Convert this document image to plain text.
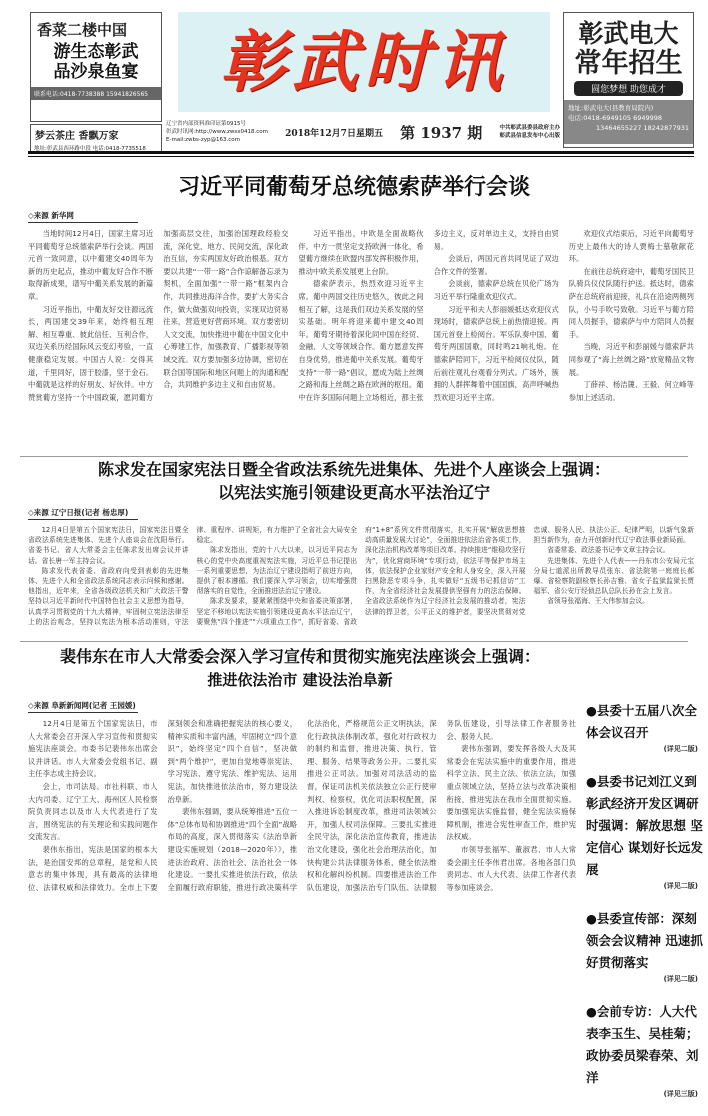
香菜二楼中国
游生态彰武
品沙泉鱼宴
联系电话:0418-7738388 15941826565
梦云茶庄 香飘万家
地址:彰武县西环路中段 电话:0418-7735518
彰武时讯
辽宁省内部资料准印证第0915号
彰武时讯网:http://www.zwsx0418.com
E-mail:zwbs-zyp@163.com
2018年12月7日星期五 第 1937 期	中共彰武县委县政府主办
彰武县信息发布中心出版
彰武电大
常年招生
圆您梦想 助您成才
地址:彰武电大(县教育局院内)
电话:0418-6949105 6949998
13464655227 18242877931
习近平同葡萄牙总统德索萨举行会谈
◇来源 新华网

当地时间12月4日，国家主席习近平同葡萄牙总统德索萨举行会谈。两国元首一致同意，以中葡建交40周年为新的历史起点，推动中葡友好合作不断取得新成果，谱写中葡关系发展的新篇章。

习近平指出，中葡友好交往源远流长，两国建交39年来，始终相互理解、相互尊重、彼此信任、互利合作，双边关系历经国际风云变幻考验，一直健康稳定发展。中国古人说：交得其道，千里同好，固于胶漆，坚于金石。中葡就是这样的好朋友、好伙伴。中方赞赏葡方坚持一个中国政策，愿同葡方加强高层交往，加强治国理政经验交流，深化党、地方、民间交流，深化政治互信，夯实两国友好政治根基。双方要以共建“一带一路”合作谅解备忘录为契机，全面加强“一带一路”框架内合作，共同推进海洋合作，要扩大务实合作，做大做强双向投资，实现双边贸易往来，营造更好营商环境。双方要密切人文交流，加快推进中葡在中国文化中心筹建工作，加强教育、广播影视等领域交流。双方要加强多边协调，密切在联合国等国际和地区问题上的沟通和配合，共同维护多边主义和自由贸易。

习近平指出，中欧是全面战略伙伴。中方一贯坚定支持欧洲一体化，希望葡方继续在欧盟内部发挥积极作用，推动中欧关系发展更上台阶。

德索萨表示，热烈欢迎习近平主席。葡中两国交往历史悠久，彼此之间相互了解，这是我们双边关系发展的坚实基础。明年将迎来葡中建交40周年。葡萄牙期待着深化同中国在经贸、金融、人文等领域合作。葡方愿意发挥自身优势，推进葡中关系发展。葡萄牙支持“一带一路”倡议，愿成为陆上丝绸之路和海上丝绸之路在欧洲的枢纽。葡中在许多国际问题上立场相近，都主张多边主义，反对单边主义，支持自由贸易。

会谈后，两国元首共同见证了双边合作文件的签署。

会谈前，德索萨总统在贝伦广场为习近平举行隆重欢迎仪式。

习近平和夫人彭丽媛抵达欢迎仪式现场时，德索萨总统上前热情迎接。两国元首登上检阅台。军乐队奏中国、葡萄牙两国国歌，同时鸣21响礼炮。在德索萨陪同下，习近平检阅仪仗队，随后前往观礼台观看分列式。广场外，簇拥的人群挥舞着中国国旗，高声呼喊热烈欢迎习近平主席。

欢迎仪式结束后，习近平向葡萄牙历史上最伟大的诗人贾梅士墓敬献花环。

在前往总统府途中，葡萄牙国民卫队骑兵仪仗队随行护送。抵达时，德索萨在总统府前迎接，礼兵在沿途两侧列队，小号手吹号致敬。习近平与葡方陪同人员握手，德索萨与中方陪同人员握手。

当晚，习近平和彭丽媛与德索萨共同参观了“海上丝绸之路”放宽精品文物展。

丁薛祥、杨洁篪、王毅、何立峰等参加上述活动。

陈求发在国家宪法日暨全省政法系统先进集体、先进个人座谈会上强调：
以宪法实施引领建设更高水平法治辽宁
◇来源 辽宁日报(记者 杨忠厚)

12月4日是第五个国家宪法日，国家宪法日暨全省政法系统先进集体、先进个人座谈会在沈阳举行。省委书记、省人大常委会主任陈求发出席会议并讲话。省长唐一军主持会议。

陈求发代表省委、省政府向受到表彰的先进集体、先进个人和全省政法系统同志表示问候和感谢。他指出，近年来，全省各级政法机关和广大政法干警坚持以习近平新时代中国特色社会主义思想为指导，认真学习贯彻党的十九大精神，牢固树立宪法法律至上的法治观念，坚持以宪法为根本活动准则，守法律、重程序、讲规矩，有力维护了全省社会大局安全稳定。

陈求发指出，党的十八大以来，以习近平同志为核心的党中央高度重视宪法实施，习近平总书记提出一系列重要思想，为法治辽宁建设指明了前进方向，提供了根本遵循。我们要深入学习领会，切实增强贯彻落实的自觉性，全面推进法治辽宁建设。

陈求发要求，要紧紧围绕中央和省委决策部署，坚定不移地以宪法实施引领建设更高水平法治辽宁，要聚焦“四个推进”“六项重点工作”，抓好省委、省政府“1+8”系列文件贯彻落实，扎实开展“解放思想推动高质量发展大讨论”，全面推进依法治省各项工作，深化法治机构改革等项目改革。持续推进“维稳攻坚行为”，优化营商环境“专项行动，依法平等保护市场主体，依法保护企业家财产安全和人身安全，深入开展扫黑除恶专项斗争，扎实做好“五级书记抓信访”工作，为全省经济社会发展提供坚强有力的法治保障。全省政法系统作为辽宁经济社会发展的推动者，宪法法律的捍卫者，公平正义的维护者，要坚决贯彻对党忠诚、服务人民、执法公正、纪律严明，以新气象新担当新作为，奋力开创新时代辽宁政法事业新局面。

省委常委、政法委书记李文章主持会议。

先进集体、先进个人代表——丹东市公安局元宝分局七道派出所教导员张东、省法院第一庭庭长郝爆、省检察院副检察长孙吉雅、省女子监狱监狱长贾福军、省公安厅经侦总队总队长孙在会上发言。

省领导张福海、王大伟参加会议。

裴伟东在市人大常委会深入学习宣传和贯彻实施宪法座谈会上强调：
推进依法治市 建设法治阜新
◇来源 阜新新闻网(记者 王园媛)

12月4日是第五个国家宪法日，市人大常委会召开深入学习宣传和贯彻实施宪法座谈会。市委书记裴伟东出席会议并讲话。市人大常委会党组书记、副主任李志成主持会议。

会上，市司法局、市社科联、市人大内司委、辽宁工大、海州区人民检察院负责同志以及市人大代表进行了发言，围绕宪法的有关理论和实践问题作交流发言。

裴伟东指出，宪法是国家的根本大法，是治国安邦的总章程，是党和人民意志的集中体现，具有最高的法律地位、法律权威和法律效力。全市上下要深刻领会和准确把握宪法的核心要义，精神实质和丰富内涵，牢固树立“四个意识”，始终坚定“四个自信”，坚决做到“两个维护”，更加自觉地尊崇宪法、学习宪法、遵守宪法、维护宪法、运用宪法，加快推进依法治市，努力建设法治阜新。

裴伟东强调，要从统筹推进“五位一体”总体布局和协调推进“四个全面”战略布局的高度，深入贯彻落实《法治阜新建设实施规划（2018—2020年）》，推进法治政府、法治社会、法治社会一体化建设。一要扎实推进依法行政，依法全面履行政府职能，推进行政决策科学化法治化，严格规范公正文明执法，深化行政执法体制改革，强化对行政权力的制约和监督，推进决策、执行、管理、服务、结果等政务公开。二要扎实推进公正司法。加强对司法活动的监督，保证司法机关依法独立公正行使审判权、检察权，优化司法职权配置，深入推进诉讼制度改革，推进司法领域公开，加强人权司法保障。三要扎实推进全民守法，深化法治宣传教育，推进法治文化建设，强化社会治理法治化，加快构建公共法律服务体系，健全依法维权和化解纠纷机制。四要推进法治工作队伍建设，加强法治专门队伍、法律服务队伍建设，引导法律工作者服务社会、服务人民。

裴伟东强调，要发挥各级人大及其常委会在宪法实施中的重要作用，推进科学立法、民主立法、依法立法，加强重点领域立法，坚持立法与改革决策相衔接，推进宪法在我市全面贯彻实施。要加强宪法实施监督，健全宪法实施保障机制，推进合宪性审查工作，维护宪法权威。

市领导张福军、董淑君、市人大常委会副主任李伟君出席。各地各部门负责同志、市人大代表、法律工作者代表等参加座谈会。

●县委十五届八次全体会议召开
(详见二版)
●县委书记刘江义到彰武经济开发区调研时强调：解放思想 坚定信心 谋划好长远发展
(详见二版)
●县委宣传部：深刻领会会议精神 迅速抓好贯彻落实
(详见二版)
●会前专访：人大代表李玉生、吴桂菊；政协委员梁春荣、刘洋
(详见三版)
